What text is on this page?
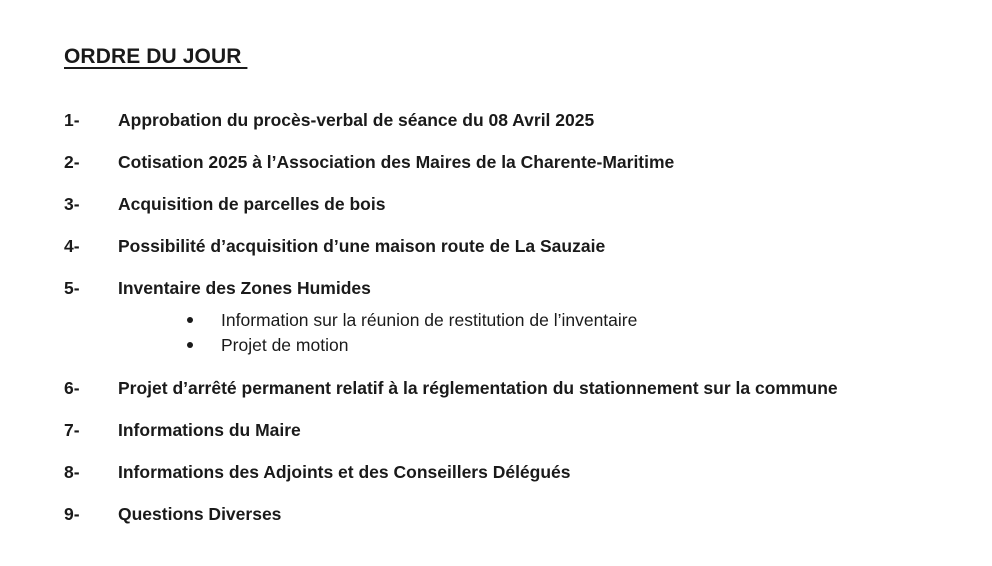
ORDRE DU JOUR
1- Approbation du procès-verbal de séance du 08 Avril 2025
2- Cotisation 2025 à l’Association des Maires de la Charente-Maritime
3- Acquisition de parcelles de bois
4- Possibilité d’acquisition d’une maison route de La Sauzaie
5- Inventaire des Zones Humides
Information sur la réunion de restitution de l’inventaire
Projet de motion
6- Projet d’arrêté permanent relatif à la réglementation du stationnement sur la commune
7- Informations du Maire
8- Informations des Adjoints et des Conseillers Délégués
9- Questions Diverses
